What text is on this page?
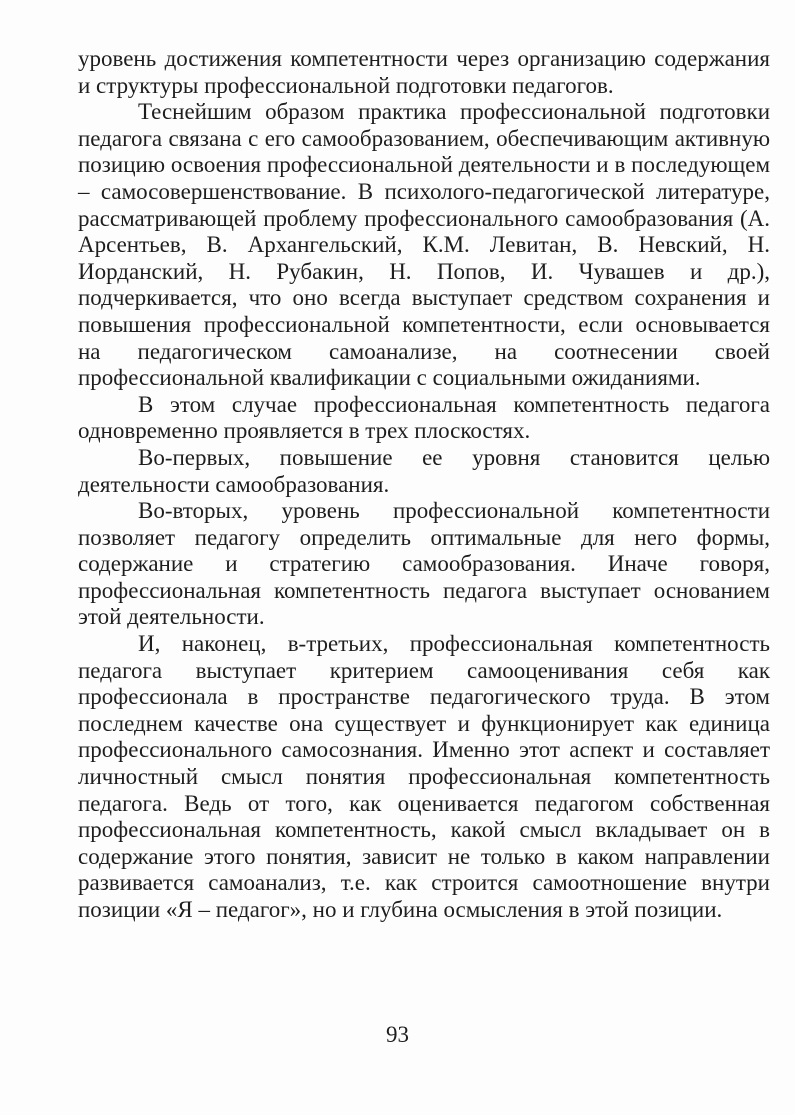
уровень достижения компетентности через организацию содержания и структуры профессиональной подготовки педагогов.

Теснейшим образом практика профессиональной подготовки педагога связана с его самообразованием, обеспечивающим активную позицию освоения профессиональной деятельности и в последующем – самосовершенствование. В психолого-педагогической литературе, рассматривающей проблему профессионального самообразования (А. Арсентьев, В. Архангельский, К.М. Левитан, В. Невский, Н. Иорданский, Н. Рубакин, Н. Попов, И. Чувашев и др.), подчеркивается, что оно всегда выступает средством сохранения и повышения профессиональной компетентности, если основывается на педагогическом самоанализе, на соотнесении своей профессиональной квалификации с социальными ожиданиями.

В этом случае профессиональная компетентность педагога одновременно проявляется в трех плоскостях.

Во-первых, повышение ее уровня становится целью деятельности самообразования.

Во-вторых, уровень профессиональной компетентности позволяет педагогу определить оптимальные для него формы, содержание и стратегию самообразования. Иначе говоря, профессиональная компетентность педагога выступает основанием этой деятельности.

И, наконец, в-третьих, профессиональная компетентность педагога выступает критерием самооценивания себя как профессионала в пространстве педагогического труда. В этом последнем качестве она существует и функционирует как единица профессионального самосознания. Именно этот аспект и составляет личностный смысл понятия профессиональная компетентность педагога. Ведь от того, как оценивается педагогом собственная профессиональная компетентность, какой смысл вкладывает он в содержание этого понятия, зависит не только в каком направлении развивается самоанализ, т.е. как строится самоотношение внутри позиции «Я – педагог», но и глубина осмысления в этой позиции.

93
